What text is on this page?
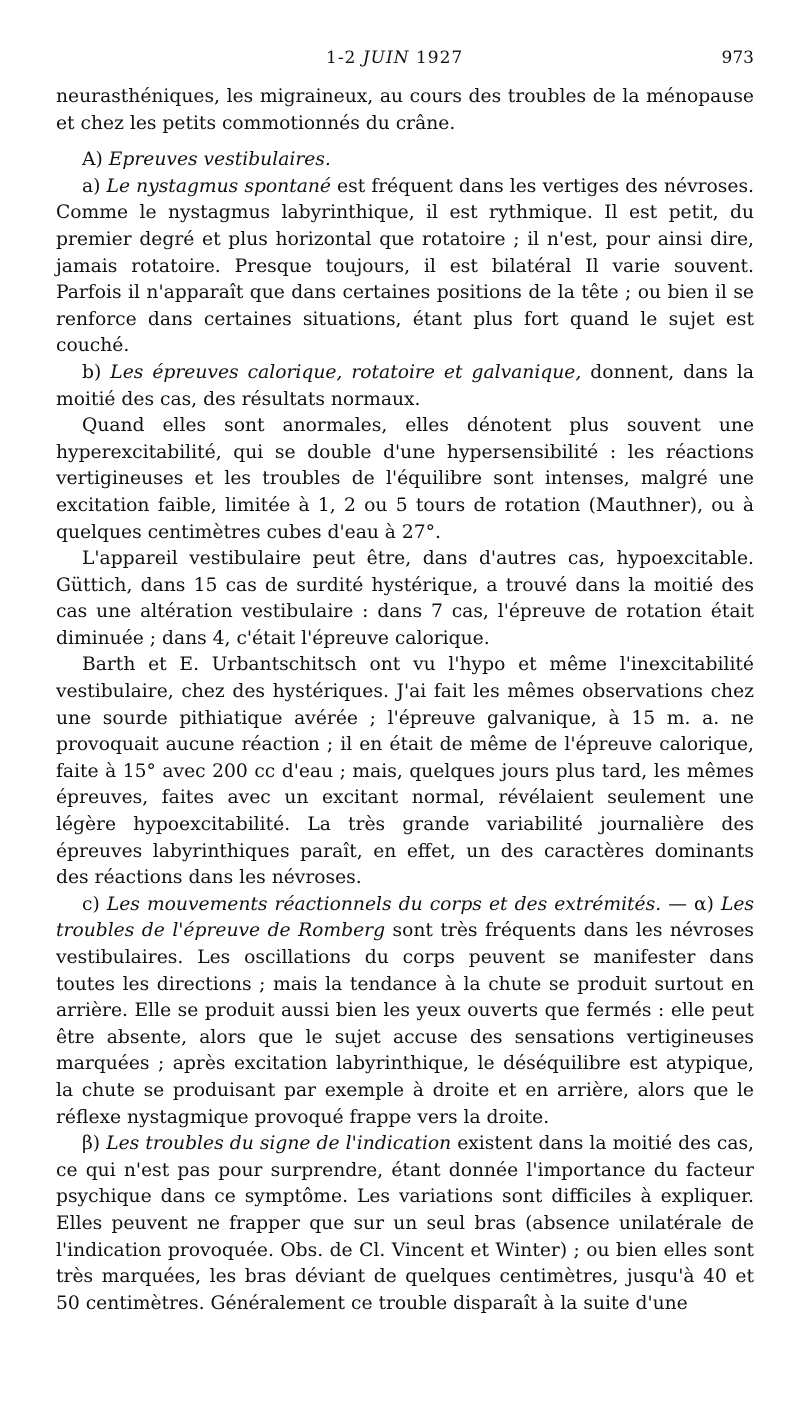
1-2 JUIN 1927	973

neurasthéniques, les migraineux, au cours des troubles de la ménopause et chez les petits commotionnés du crâne.

A) Epreuves vestibulaires.

a) Le nystagmus spontané est fréquent dans les vertiges des névroses. Comme le nystagmus labyrinthique, il est rythmique. Il est petit, du premier degré et plus horizontal que rotatoire ; il n'est, pour ainsi dire, jamais rotatoire. Presque toujours, il est bilatéral Il varie souvent. Parfois il n'apparaît que dans certaines positions de la tête ; ou bien il se renforce dans certaines situations, étant plus fort quand le sujet est couché.

b) Les épreuves calorique, rotatoire et galvanique, donnent, dans la moitié des cas, des résultats normaux.

Quand elles sont anormales, elles dénotent plus souvent une hyperexcitabilité, qui se double d'une hypersensibilité : les réactions vertigineuses et les troubles de l'équilibre sont intenses, malgré une excitation faible, limitée à 1, 2 ou 5 tours de rotation (Mauthner), ou à quelques centimètres cubes d'eau à 27°.

L'appareil vestibulaire peut être, dans d'autres cas, hypoexcitable. Güttich, dans 15 cas de surdité hystérique, a trouvé dans la moitié des cas une altération vestibulaire : dans 7 cas, l'épreuve de rotation était diminuée ; dans 4, c'était l'épreuve calorique.

Barth et E. Urbantschitsch ont vu l'hypo et même l'inexcitabilité vestibulaire, chez des hystériques. J'ai fait les mêmes observations chez une sourde pithiatique avérée ; l'épreuve galvanique, à 15 m. a. ne provoquait aucune réaction ; il en était de même de l'épreuve calorique, faite à 15° avec 200 cc d'eau ; mais, quelques jours plus tard, les mêmes épreuves, faites avec un excitant normal, révélaient seulement une légère hypoexcitabilité. La très grande variabilité journalière des épreuves labyrinthiques paraît, en effet, un des caractères dominants des réactions dans les névroses.

c) Les mouvements réactionnels du corps et des extrémités. — α) Les troubles de l'épreuve de Romberg sont très fréquents dans les névroses vestibulaires. Les oscillations du corps peuvent se manifester dans toutes les directions ; mais la tendance à la chute se produit surtout en arrière. Elle se produit aussi bien les yeux ouverts que fermés : elle peut être absente, alors que le sujet accuse des sensations vertigineuses marquées ; après excitation labyrinthique, le déséquilibre est atypique, la chute se produisant par exemple à droite et en arrière, alors que le réflexe nystagmique provoqué frappe vers la droite.

β) Les troubles du signe de l'indication existent dans la moitié des cas, ce qui n'est pas pour surprendre, étant donnée l'importance du facteur psychique dans ce symptôme. Les variations sont difficiles à expliquer. Elles peuvent ne frapper que sur un seul bras (absence unilatérale de l'indication provoquée. Obs. de Cl. Vincent et Winter) ; ou bien elles sont très marquées, les bras déviant de quelques centimètres, jusqu'à 40 et 50 centimètres. Généralement ce trouble disparaît à la suite d'une
